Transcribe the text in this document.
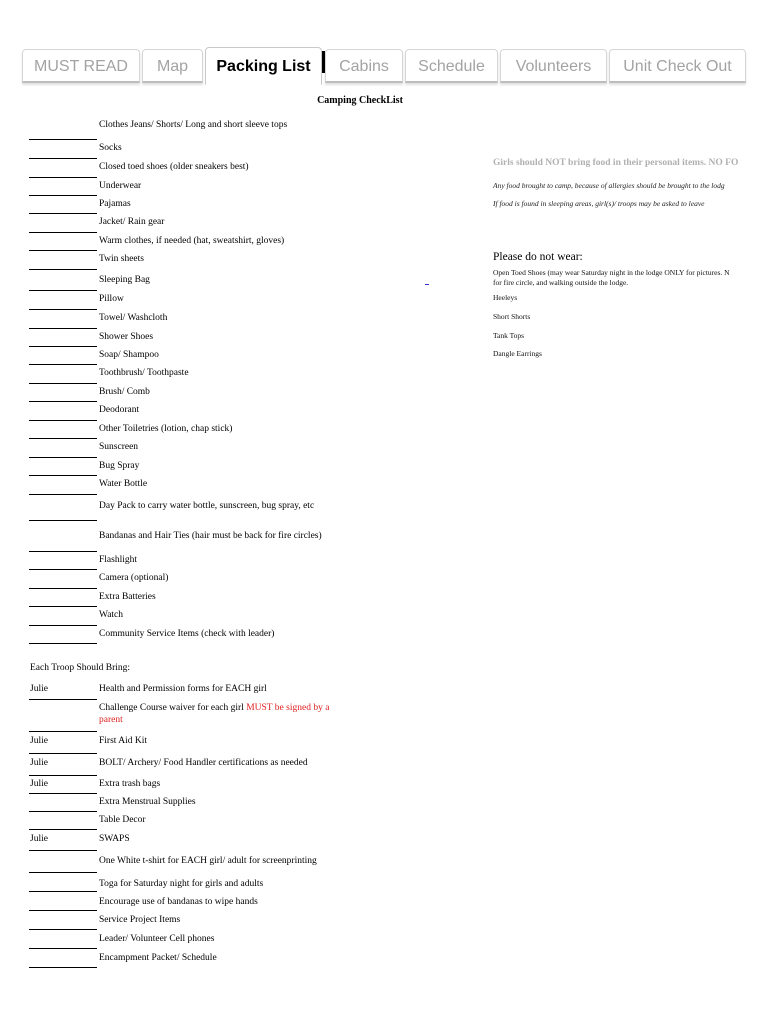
MUST READ	Map	Packing List	Cabins	Schedule	Volunteers	Unit Check Out
Camping CheckList
Clothes Jeans/ Shorts/ Long and short sleeve tops
Socks
Closed toed shoes (older sneakers best)
Underwear
Pajamas
Jacket/ Rain gear
Warm clothes, if needed (hat, sweatshirt, gloves)
Twin sheets
Sleeping Bag
Pillow
Towel/ Washcloth
Shower Shoes
Soap/ Shampoo
Toothbrush/ Toothpaste
Brush/ Comb
Deodorant
Other Toiletries (lotion, chap stick)
Sunscreen
Bug Spray
Water Bottle
Day Pack to carry water bottle, sunscreen, bug spray, etc
Bandanas and Hair Ties (hair must be back for fire circles)
Flashlight
Camera (optional)
Extra Batteries
Watch
Community Service Items (check with leader)
Each Troop Should Bring:
Julie	Health and Permission forms for EACH girl
Challenge Course waiver for each girl MUST be signed by a parent
Julie	First Aid Kit
Julie	BOLT/ Archery/ Food Handler certifications as needed
Julie	Extra trash bags
Extra Menstrual Supplies
Table Decor
Julie	SWAPS
One White t-shirt for EACH girl/ adult for screenprinting
Toga for Saturday night for girls and adults
Encourage use of bandanas to wipe hands
Service Project Items
Leader/ Volunteer Cell phones
Encampment Packet/ Schedule
Girls should NOT bring food in their personal items. NO FO
Any food brought to camp, because of allergies should be brought to the lodg
If food is found in sleeping areas, girl(s)/ troops may be asked to leave
Please do not wear:
Open Toed Shoes (may wear Saturday night in the lodge ONLY for pictures. N
for fire circle, and walking outside the lodge.
Heeleys
Short Shorts
Tank Tops
Dangle Earrings
